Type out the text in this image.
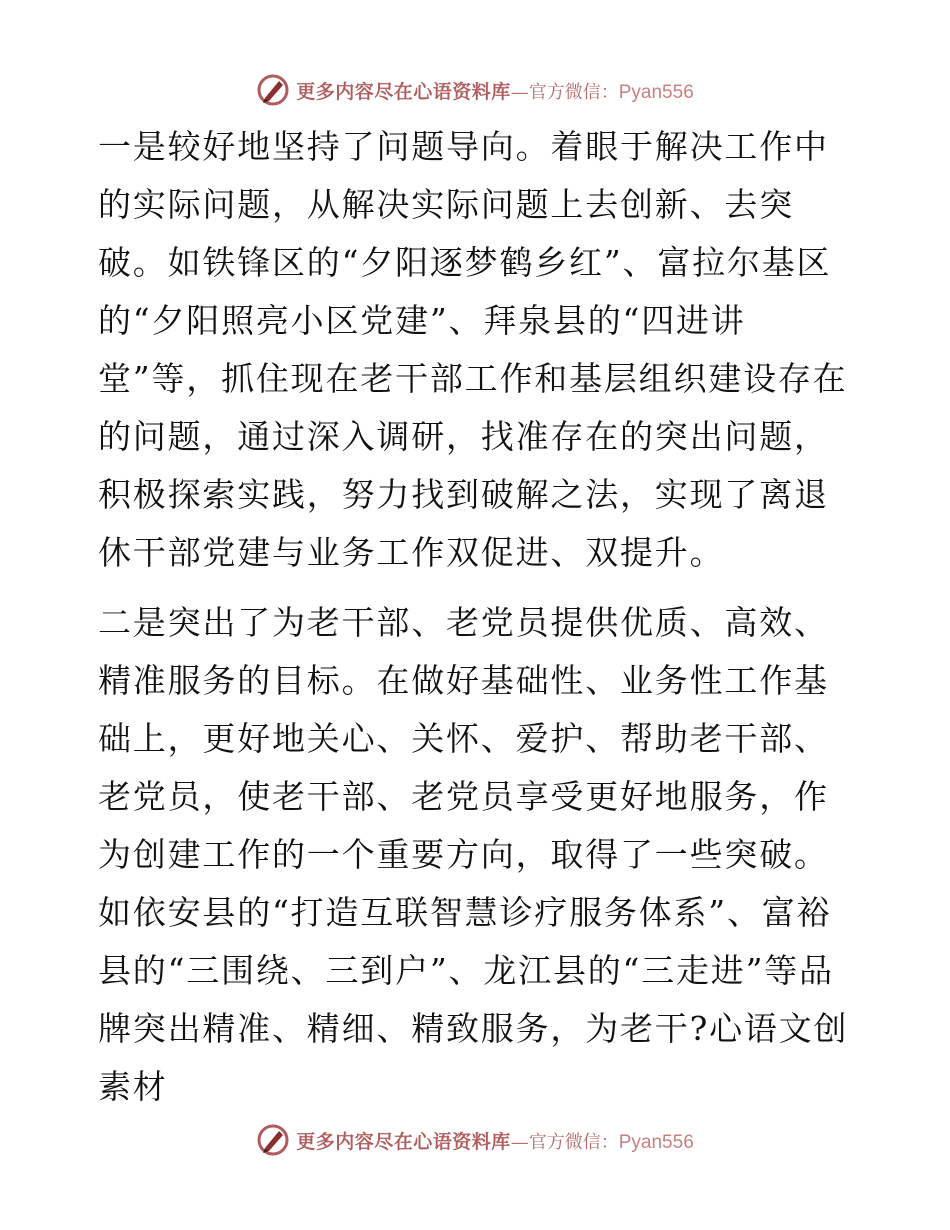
更多内容尽在心语资料库 —官方微信： Pyan556

一是较好地坚持了问题导向。着眼于解决工作中的实际问题，从解决实际问题上去创新、去突破。如铁锋区的“夕阳逐梦鹤乡红”、富拉尔基区的“夕阳照亮小区党建”、拜泉县的“四进讲堂”等，抓住现在老干部工作和基层组织建设存在的问题，通过深入调研，找准存在的突出问题，积极探索实践，努力找到破解之法，实现了离退休干部党建与业务工作双促进、双提升。

二是突出了为老干部、老党员提供优质、高效、精准服务的目标。在做好基础性、业务性工作基础上，更好地关心、关怀、爱护、帮助老干部、老党员，使老干部、老党员享受更好地服务，作为创建工作的一个重要方向，取得了一些突破。如依安县的“打造互联智慧诊疗服务体系”、富裕县的“三围绕、三到户”、龙江县的“三走进”等品牌突出精准、精细、精致服务，为老干?心语文创素材

更多内容尽在心语资料库 —官方微信： Pyan556
